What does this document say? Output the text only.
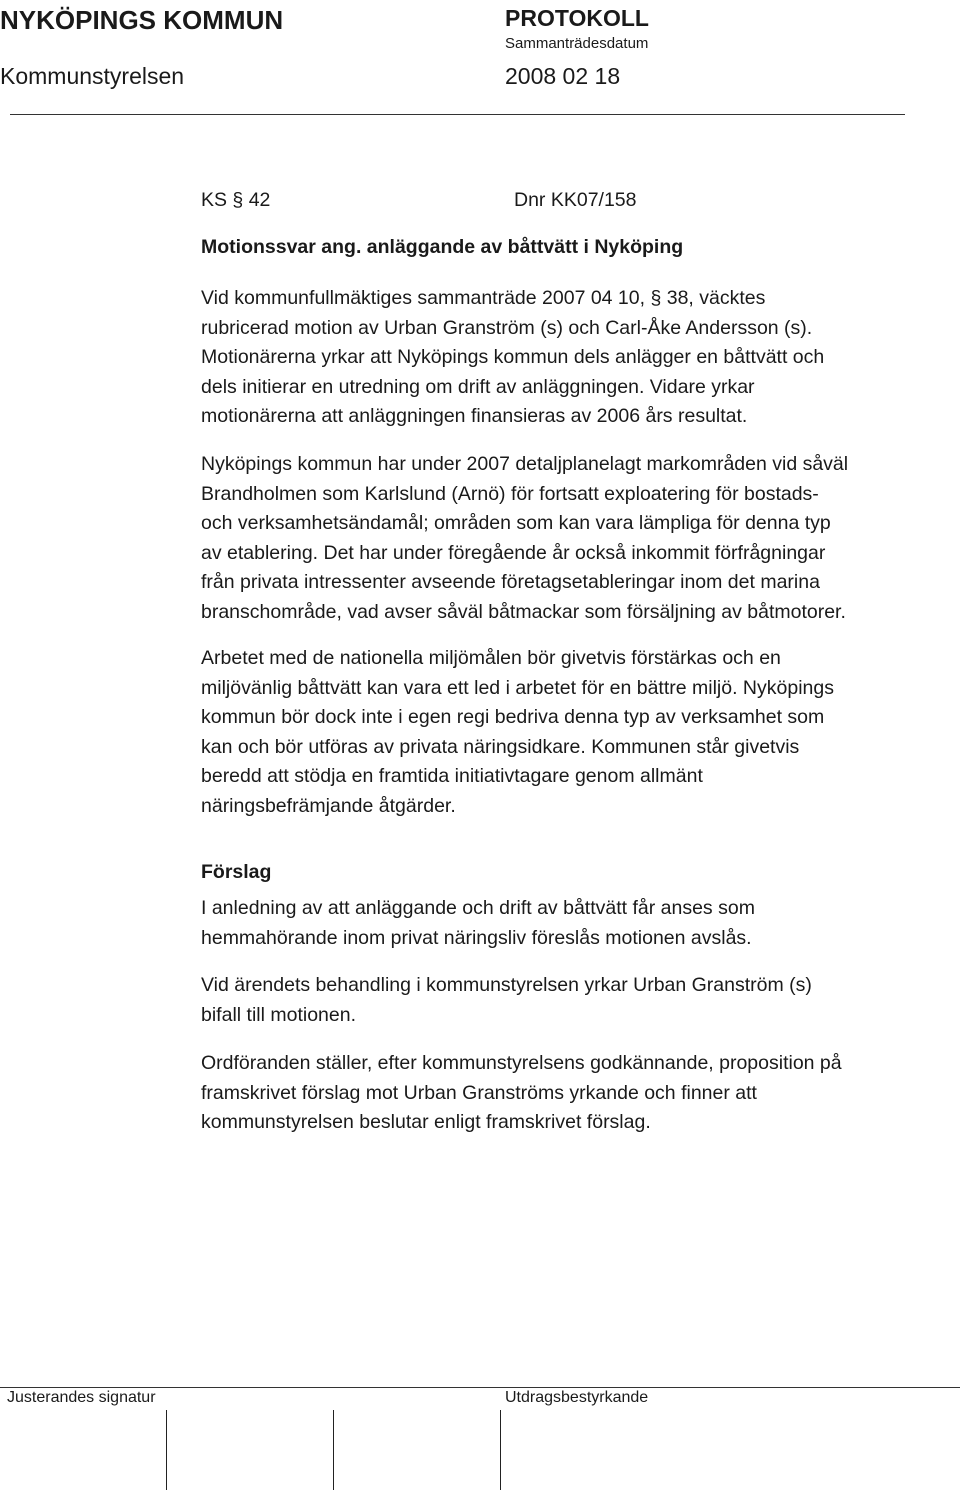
NYKÖPINGS KOMMUN	PROTOKOLL
Sammanträdesdatum
Kommunstyrelsen	2008 02 18
KS § 42	Dnr KK07/158
Motionssvar ang. anläggande av båttvätt i Nyköping
Vid kommunfullmäktiges sammanträde 2007 04 10, § 38, väcktes
rubricerad motion av Urban Granström (s) och Carl-Åke Andersson (s).
Motionärerna yrkar att Nyköpings kommun dels anlägger en båttvätt och
dels initierar en utredning om drift av anläggningen. Vidare yrkar
motionärerna att anläggningen finansieras av 2006 års resultat.
Nyköpings kommun har under 2007 detaljplanelagt markområden vid såväl
Brandholmen som Karlslund (Arnö) för fortsatt exploatering för bostads-
och verksamhetsändamål; områden som kan vara lämpliga för denna typ
av etablering. Det har under föregående år också inkommit förfrågningar
från privata intressenter avseende företagsetableringar inom det marina
branschområde, vad avser såväl båtmackar som försäljning av båtmotorer.
Arbetet med de nationella miljömålen bör givetvis förstärkas och en
miljövänlig båttvätt kan vara ett led i arbetet för en bättre miljö. Nyköpings
kommun bör dock inte i egen regi bedriva denna typ av verksamhet som
kan och bör utföras av privata näringsidkare. Kommunen står givetvis
beredd att stödja en framtida initiativtagare genom allmänt
näringsbefrämjande åtgärder.
Förslag
I anledning av att anläggande och drift av båttvätt får anses som
hemmahörande inom privat näringsliv föreslås motionen avslås.
Vid ärendets behandling i kommunstyrelsen yrkar Urban Granström (s)
bifall till motionen.
Ordföranden ställer, efter kommunstyrelsens godkännande, proposition på
framskrivet förslag mot Urban Granströms yrkande och finner att
kommunstyrelsen beslutar enligt framskrivet förslag.
Justerandes signatur	Utdragsbestyrkande
